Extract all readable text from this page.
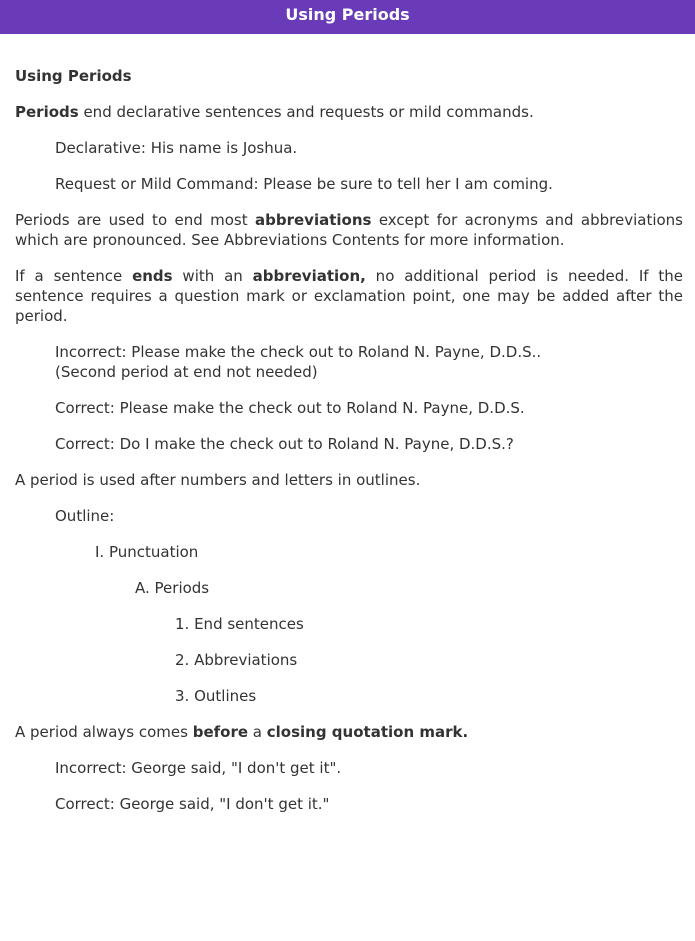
Using Periods
Using Periods
Periods end declarative sentences and requests or mild commands.
Declarative: His name is Joshua.
Request or Mild Command: Please be sure to tell her I am coming.
Periods are used to end most abbreviations except for acronyms and abbreviations which are pronounced. See Abbreviations Contents for more information.
If a sentence ends with an abbreviation, no additional period is needed. If the sentence requires a question mark or exclamation point, one may be added after the period.
Incorrect: Please make the check out to Roland N. Payne, D.D.S..
(Second period at end not needed)
Correct: Please make the check out to Roland N. Payne, D.D.S.
Correct: Do I make the check out to Roland N. Payne, D.D.S.?
A period is used after numbers and letters in outlines.
Outline:
I. Punctuation
A. Periods
1. End sentences
2. Abbreviations
3. Outlines
A period always comes before a closing quotation mark.
Incorrect: George said, "I don't get it".
Correct: George said, "I don't get it."
